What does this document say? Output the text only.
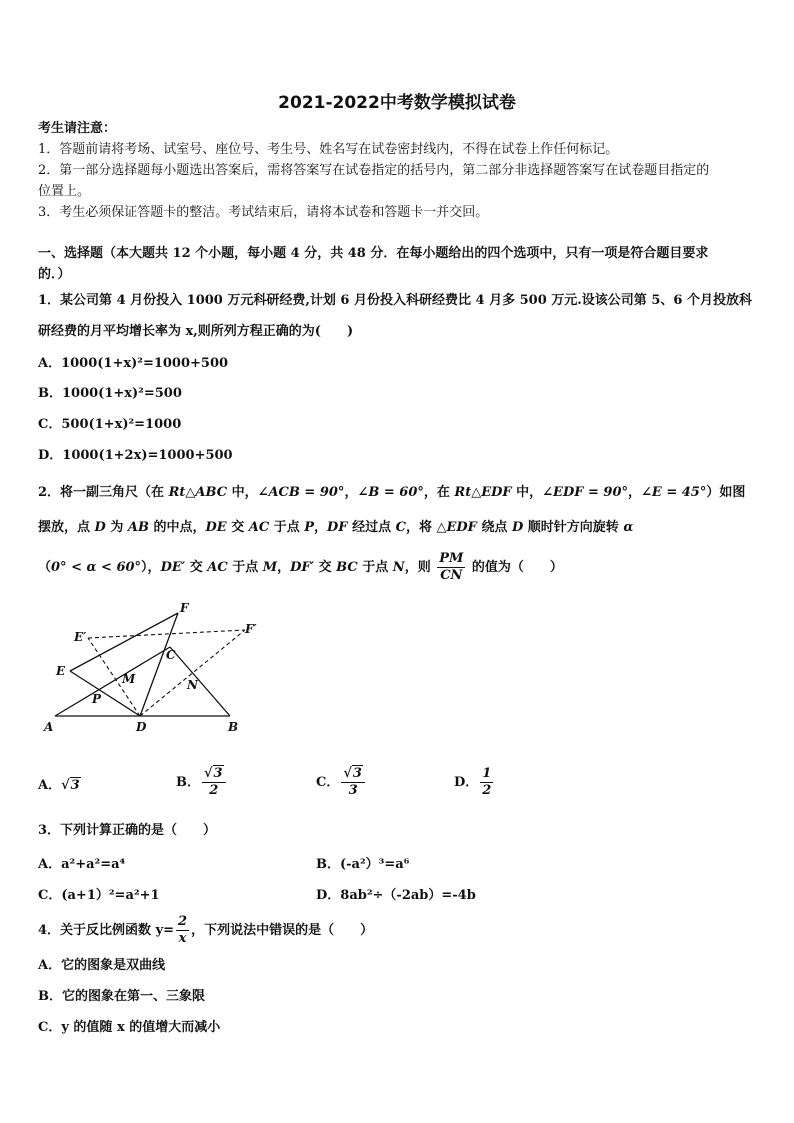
2021-2022中考数学模拟试卷
考生请注意：
1．答题前请将考场、试室号、座位号、考生号、姓名写在试卷密封线内，不得在试卷上作任何标记。
2．第一部分选择题每小题选出答案后，需将答案写在试卷指定的括号内，第二部分非选择题答案写在试卷题目指定的
位置上。
3．考生必须保证答题卡的整洁。考试结束后，请将本试卷和答题卡一并交回。
一、选择题（本大题共 12 个小题，每小题 4 分，共 48 分．在每小题给出的四个选项中，只有一项是符合题目要求
的．）
1．某公司第 4 月份投入 1000 万元科研经费,计划 6 月份投入科研经费比 4 月多 500 万元.设该公司第 5、6 个月投放科
研经费的月平均增长率为 x,则所列方程正确的为(　　)
A．1000(1+x)²=1000+500
B．1000(1+x)²=500
C．500(1+x)²=1000
D．1000(1+2x)=1000+500
2．将一副三角尺（在 Rt△ABC 中，∠ACB = 90°，∠B = 60°，在 Rt△EDF 中，∠EDF = 90°，∠E = 45°）如图
摆放，点 D 为 AB 的中点，DE 交 AC 于点 P，DF 经过点 C，将 △EDF 绕点 D 顺时针方向旋转 α
（0° < α < 60°），DE′ 交 AC 于点 M，DF′ 交 BC 于点 N，则 $\frac{PM}{CN}$ 的值为（　　）
F
E′
F′
C
E
M	N
P
A	D	B
A．√3	B． $\frac{√3}{2}$	C． $\frac{√3}{3}$	D． $\frac{1}{2}$
3．下列计算正确的是（　　）
A．a²+a²=a⁴	B．(-a²）³=a⁶
C．(a+1）²=a²+1	D．8ab²÷（-2ab）=-4b
4．关于反比例函数 $y= \frac{2}{x}$ ，下列说法中错误的是（　　）
A．它的图象是双曲线
B．它的图象在第一、三象限
C．y 的值随 x 的值增大而减小
